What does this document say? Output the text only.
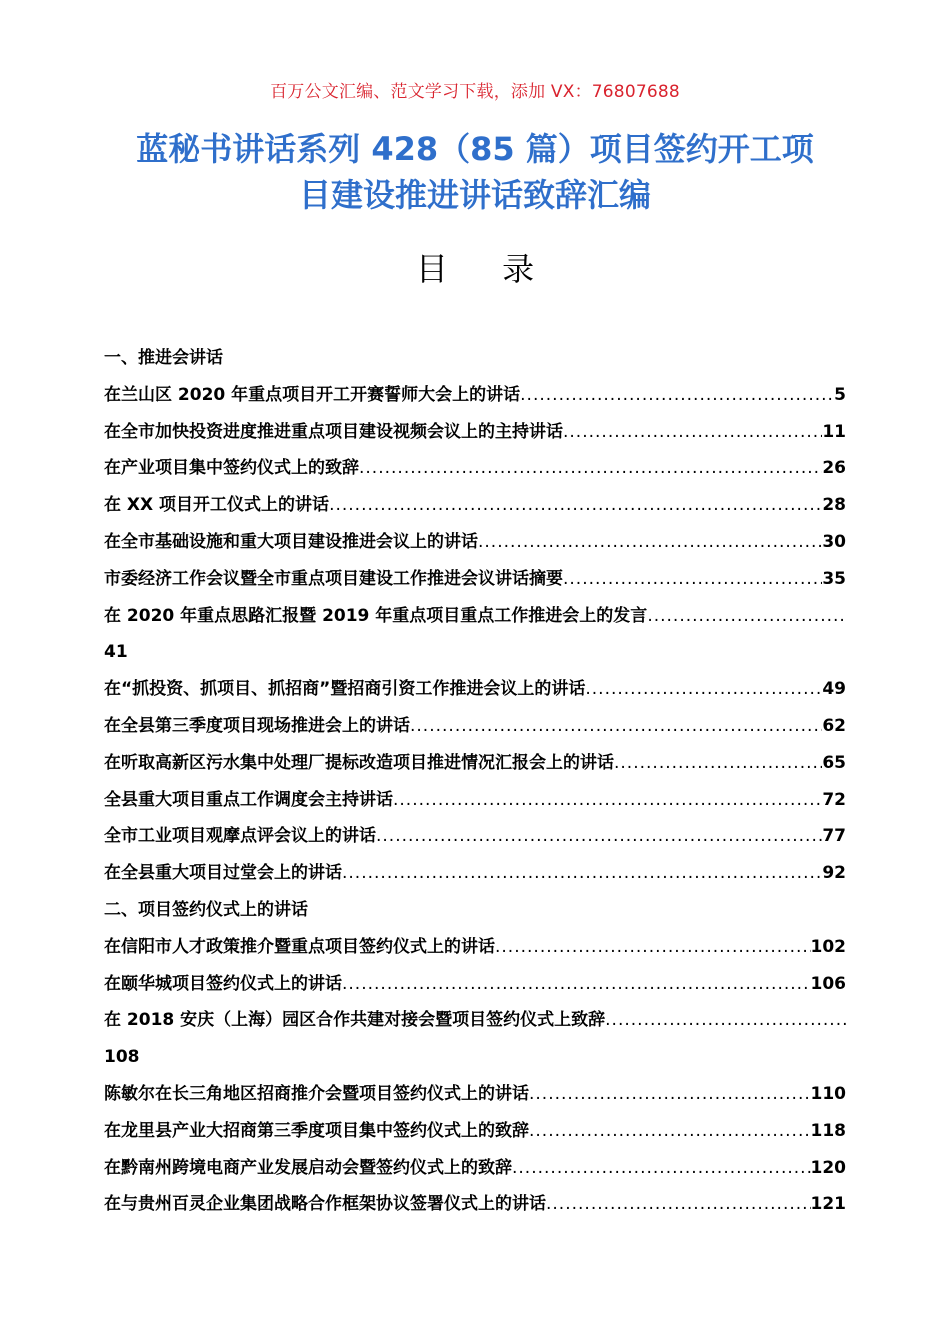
百万公文汇编、范文学习下载，添加 VX：76807688
蓝秘书讲话系列 428（85 篇）项目签约开工项
目建设推进讲话致辞汇编
目 录
一、推进会讲话
在兰山区 2020 年重点项目开工开赛誓师大会上的讲话 .....	5
在全市加快投资进度推进重点项目建设视频会议上的主持讲话 .....	11
在产业项目集中签约仪式上的致辞 .....	26
在 XX 项目开工仪式上的讲话 .....	28
在全市基础设施和重大项目建设推进会议上的讲话 .....	30
市委经济工作会议暨全市重点项目建设工作推进会议讲话摘要 .....	35
在 2020 年重点思路汇报暨 2019 年重点项目重点工作推进会上的发言
.....
41
在“抓投资、抓项目、抓招商”暨招商引资工作推进会议上的讲话 .....	49
在全县第三季度项目现场推进会上的讲话 .....	62
在听取高新区污水集中处理厂提标改造项目推进情况汇报会上的讲话 .....	65
全县重大项目重点工作调度会主持讲话 .....	72
全市工业项目观摩点评会议上的讲话 .....	77
在全县重大项目过堂会上的讲话 .....	92
二、项目签约仪式上的讲话
在信阳市人才政策推介暨重点项目签约仪式上的讲话 .....	102
在颐华城项目签约仪式上的讲话 .....	106
在 2018 安庆（上海）园区合作共建对接会暨项目签约仪式上致辞
.....
108
陈敏尔在长三角地区招商推介会暨项目签约仪式上的讲话 .....	110
在龙里县产业大招商第三季度项目集中签约仪式上的致辞 .....	118
在黔南州跨境电商产业发展启动会暨签约仪式上的致辞 .....	120
在与贵州百灵企业集团战略合作框架协议签署仪式上的讲话 .....	121
